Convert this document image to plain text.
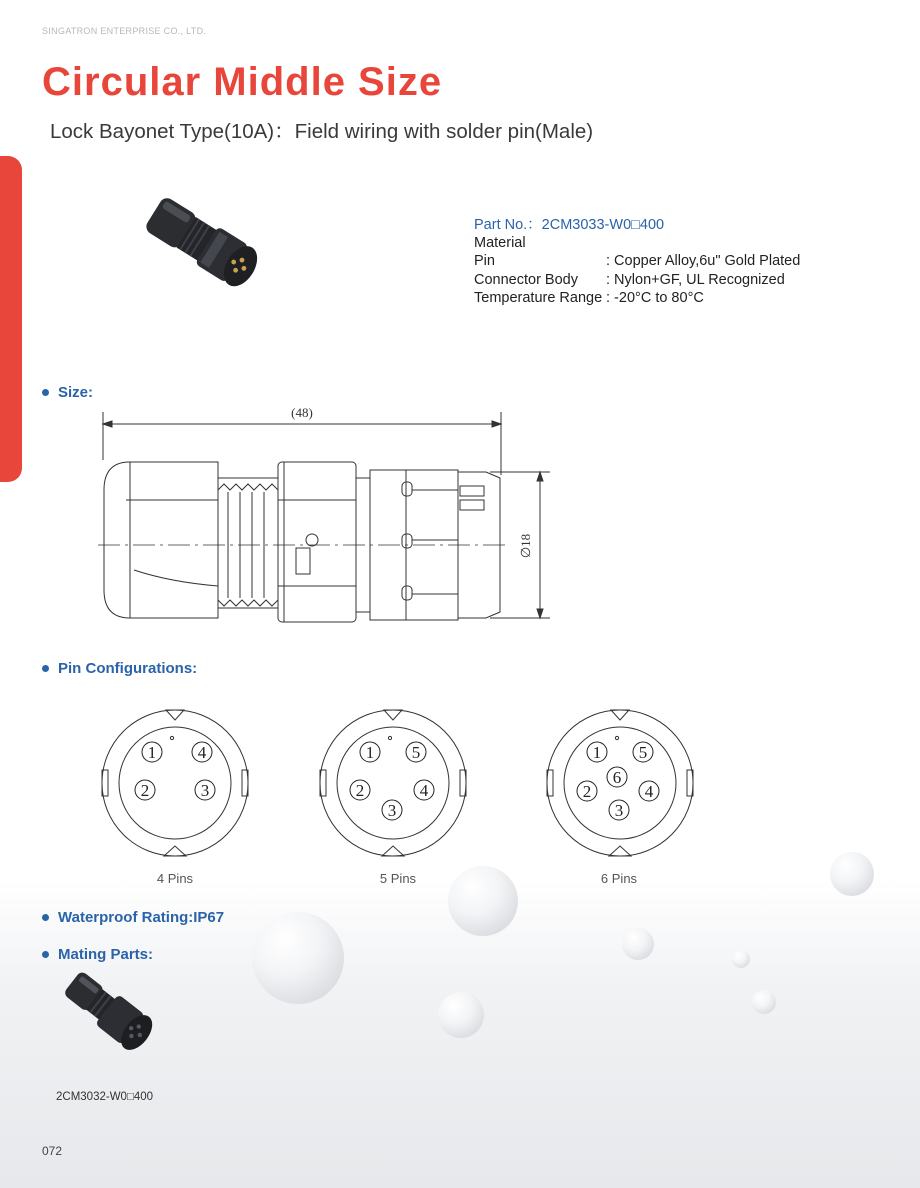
SINGATRON ENTERPRISE CO., LTD.
Circular Middle Size
Lock Bayonet Type(10A)：Field wiring with solder pin(Male)
Part No.：2CM3033-W0□400
Material
Pin	: Copper Alloy,6u" Gold Plated
Connector Body	: Nylon+GF, UL Recognized
Temperature Range : -20°C to 80°C
Size:
(48)
∅18
Pin Configurations:
1 4
2	3
4 Pins
1 5
2	4
3
5 Pins
1 5
6
2	4
3
6 Pins
Waterproof Rating:IP67
Mating Parts:
2CM3032-W0□400
072
